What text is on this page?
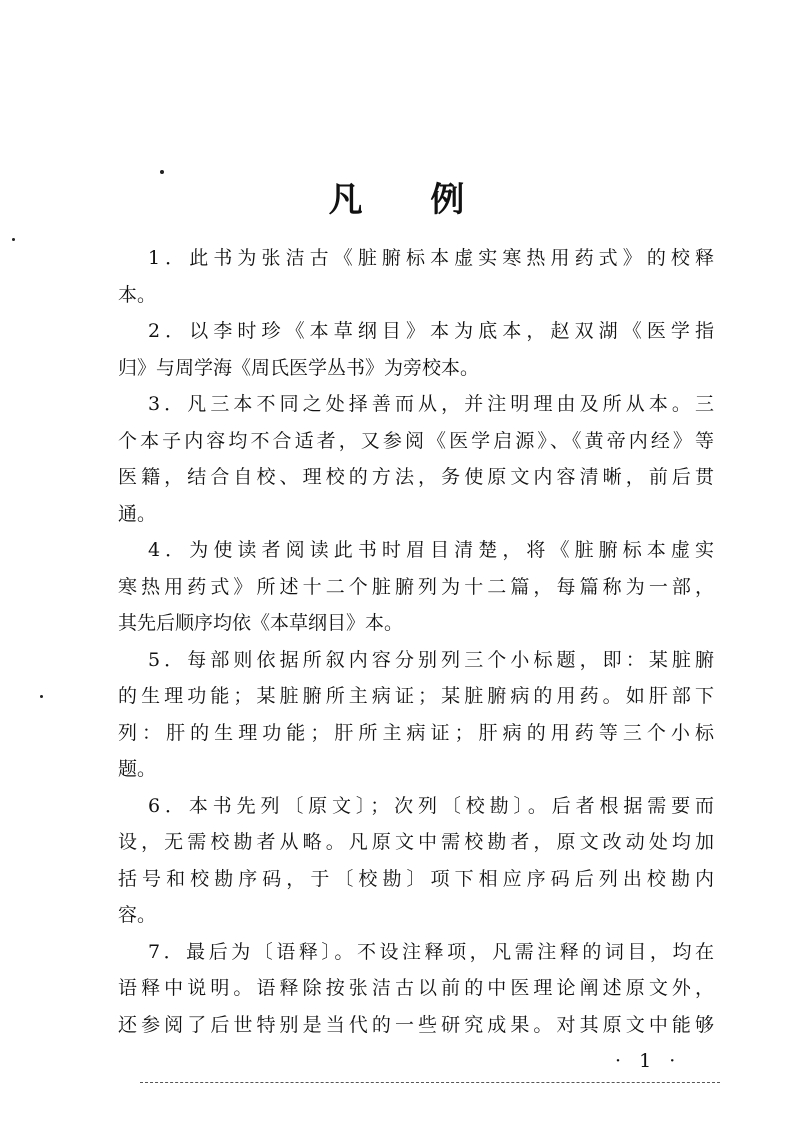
凡 例
1．此书为张洁古《脏腑标本虚实寒热用药式》的校释
本。
2．以李时珍《本草纲目》本为底本，赵双湖《医学指
归》与周学海《周氏医学丛书》为旁校本。
3．凡三本不同之处择善而从，并注明理由及所从本。三
个本子内容均不合适者，又参阅《医学启源》、《黄帝内经》等
医籍，结合自校、理校的方法，务使原文内容清晰，前后贯
通。
4．为使读者阅读此书时眉目清楚，将《脏腑标本虚实
寒热用药式》所述十二个脏腑列为十二篇，每篇称为一部，
其先后顺序均依《本草纲目》本。
5．每部则依据所叙内容分别列三个小标题，即：某脏腑
的生理功能；某脏腑所主病证；某脏腑病的用药。如肝部下
列：肝的生理功能；肝所主病证；肝病的用药等三个小标
题。
6．本书先列〔原文〕；次列〔校勘〕。后者根据需要而
设，无需校勘者从略。凡原文中需校勘者，原文改动处均加
括号和校勘序码，于〔校勘〕项下相应序码后列出校勘内
容。
7．最后为〔语释〕。不设注释项，凡需注释的词目，均在
语释中说明。语释除按张洁古以前的中医理论阐述原文外，
还参阅了后世特别是当代的一些研究成果。对其原文中能够
· 1 ·
